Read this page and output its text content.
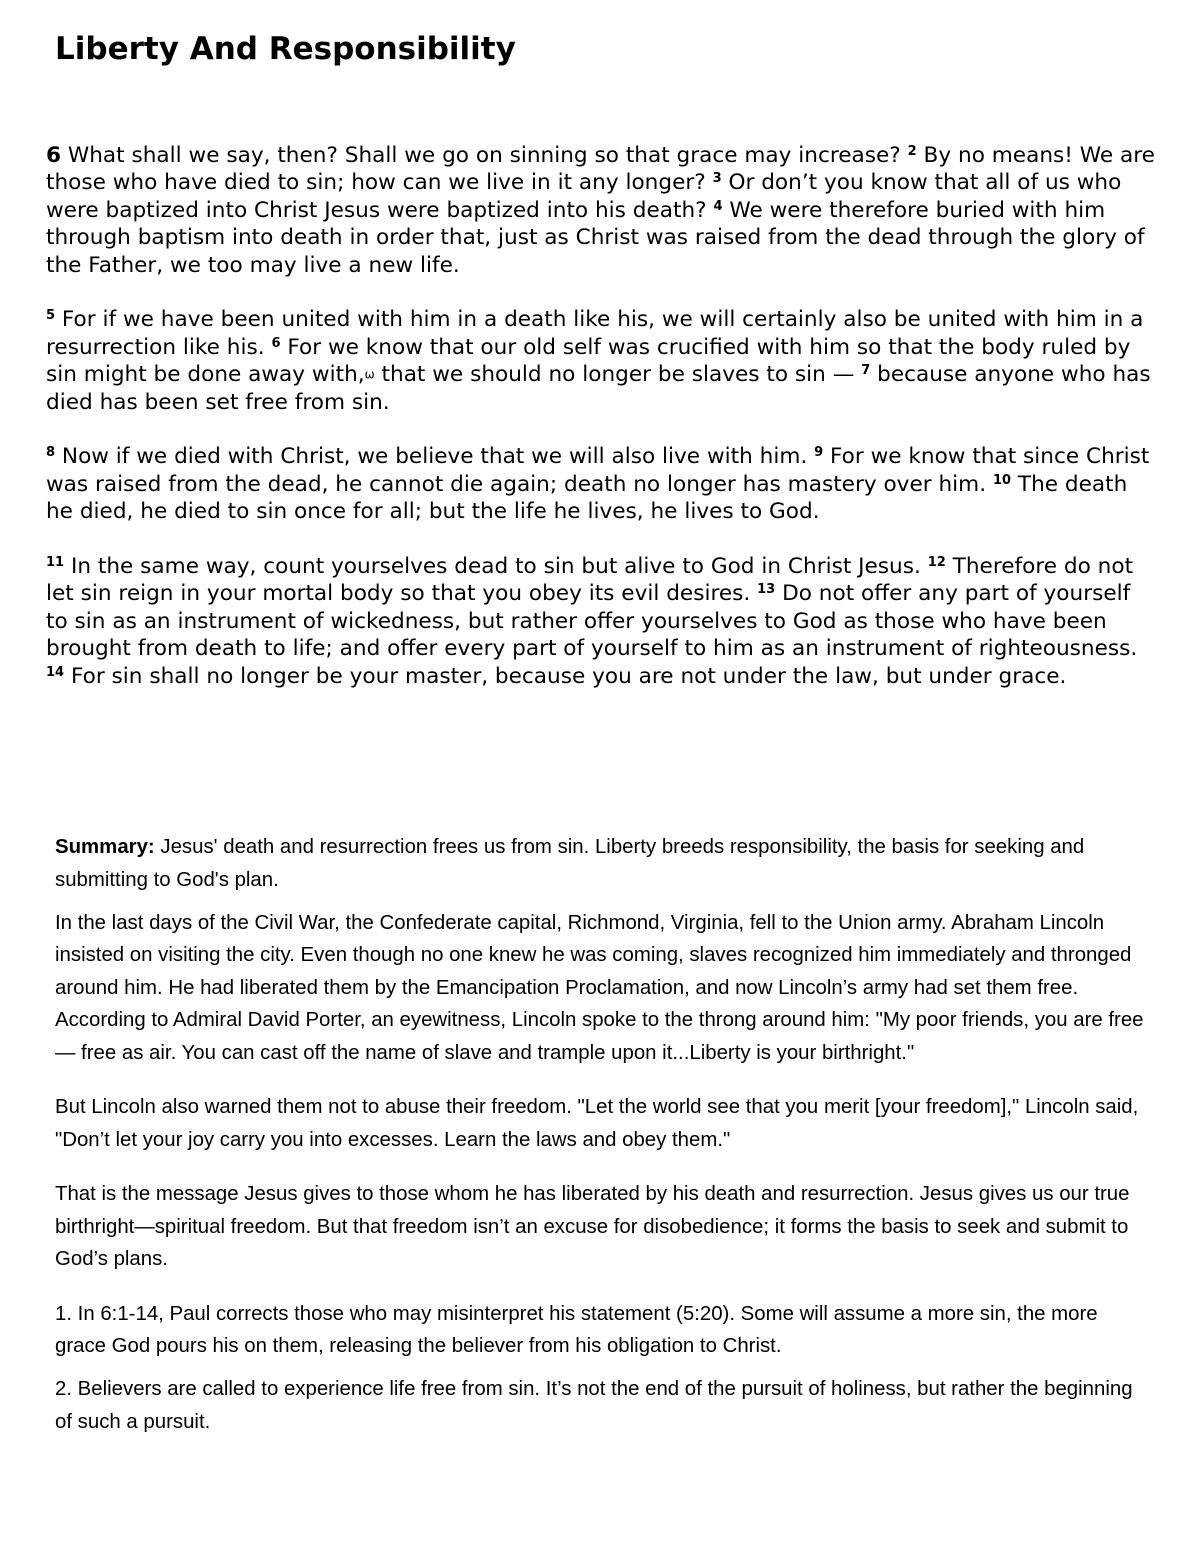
Liberty And Responsibility

6 What shall we say, then? Shall we go on sinning so that grace may increase? $^2$ By no means! We are those who have died to sin; how can we live in it any longer? $^3$ Or don’t you know that all of us who were baptized into Christ Jesus were baptized into his death? $^4$ We were therefore buried with him through baptism into death in order that, just as Christ was raised from the dead through the glory of the Father, we too may live a new life.

$^5$ For if we have been united with him in a death like his, we will certainly also be united with him in a resurrection like his. $^6$ For we know that our old self was crucified with him so that the body ruled by sin might be done away with,ω that we should no longer be slaves to sin — $^7$ because anyone who has died has been set free from sin.

$^8$ Now if we died with Christ, we believe that we will also live with him. $^9$ For we know that since Christ was raised from the dead, he cannot die again; death no longer has mastery over him. $^{10}$ The death he died, he died to sin once for all; but the life he lives, he lives to God.

$^{11}$ In the same way, count yourselves dead to sin but alive to God in Christ Jesus. $^{12}$ Therefore do not let sin reign in your mortal body so that you obey its evil desires. $^{13}$ Do not offer any part of yourself to sin as an instrument of wickedness, but rather offer yourselves to God as those who have been brought from death to life; and offer every part of yourself to him as an instrument of righteousness. $^{14}$ For sin shall no longer be your master, because you are not under the law, but under grace.

Summary: Jesus' death and resurrection frees us from sin. Liberty breeds responsibility, the basis for seeking and submitting to God's plan.

In the last days of the Civil War, the Confederate capital, Richmond, Virginia, fell to the Union army. Abraham Lincoln insisted on visiting the city. Even though no one knew he was coming, slaves recognized him immediately and thronged around him. He had liberated them by the Emancipation Proclamation, and now Lincoln’s army had set them free. According to Admiral David Porter, an eyewitness, Lincoln spoke to the throng around him: "My poor friends, you are free— free as air. You can cast off the name of slave and trample upon it...Liberty is your birthright."

But Lincoln also warned them not to abuse their freedom. "Let the world see that you merit [your freedom]," Lincoln said, "Don’t let your joy carry you into excesses. Learn the laws and obey them."

That is the message Jesus gives to those whom he has liberated by his death and resurrection. Jesus gives us our true birthright—spiritual freedom. But that freedom isn’t an excuse for disobedience; it forms the basis to seek and submit to God’s plans.

1. In 6:1-14, Paul corrects those who may misinterpret his statement (5:20). Some will assume a more sin, the more grace God pours his on them, releasing the believer from his obligation to Christ.

2. Believers are called to experience life free from sin. It’s not the end of the pursuit of holiness, but rather the beginning of such a pursuit.
